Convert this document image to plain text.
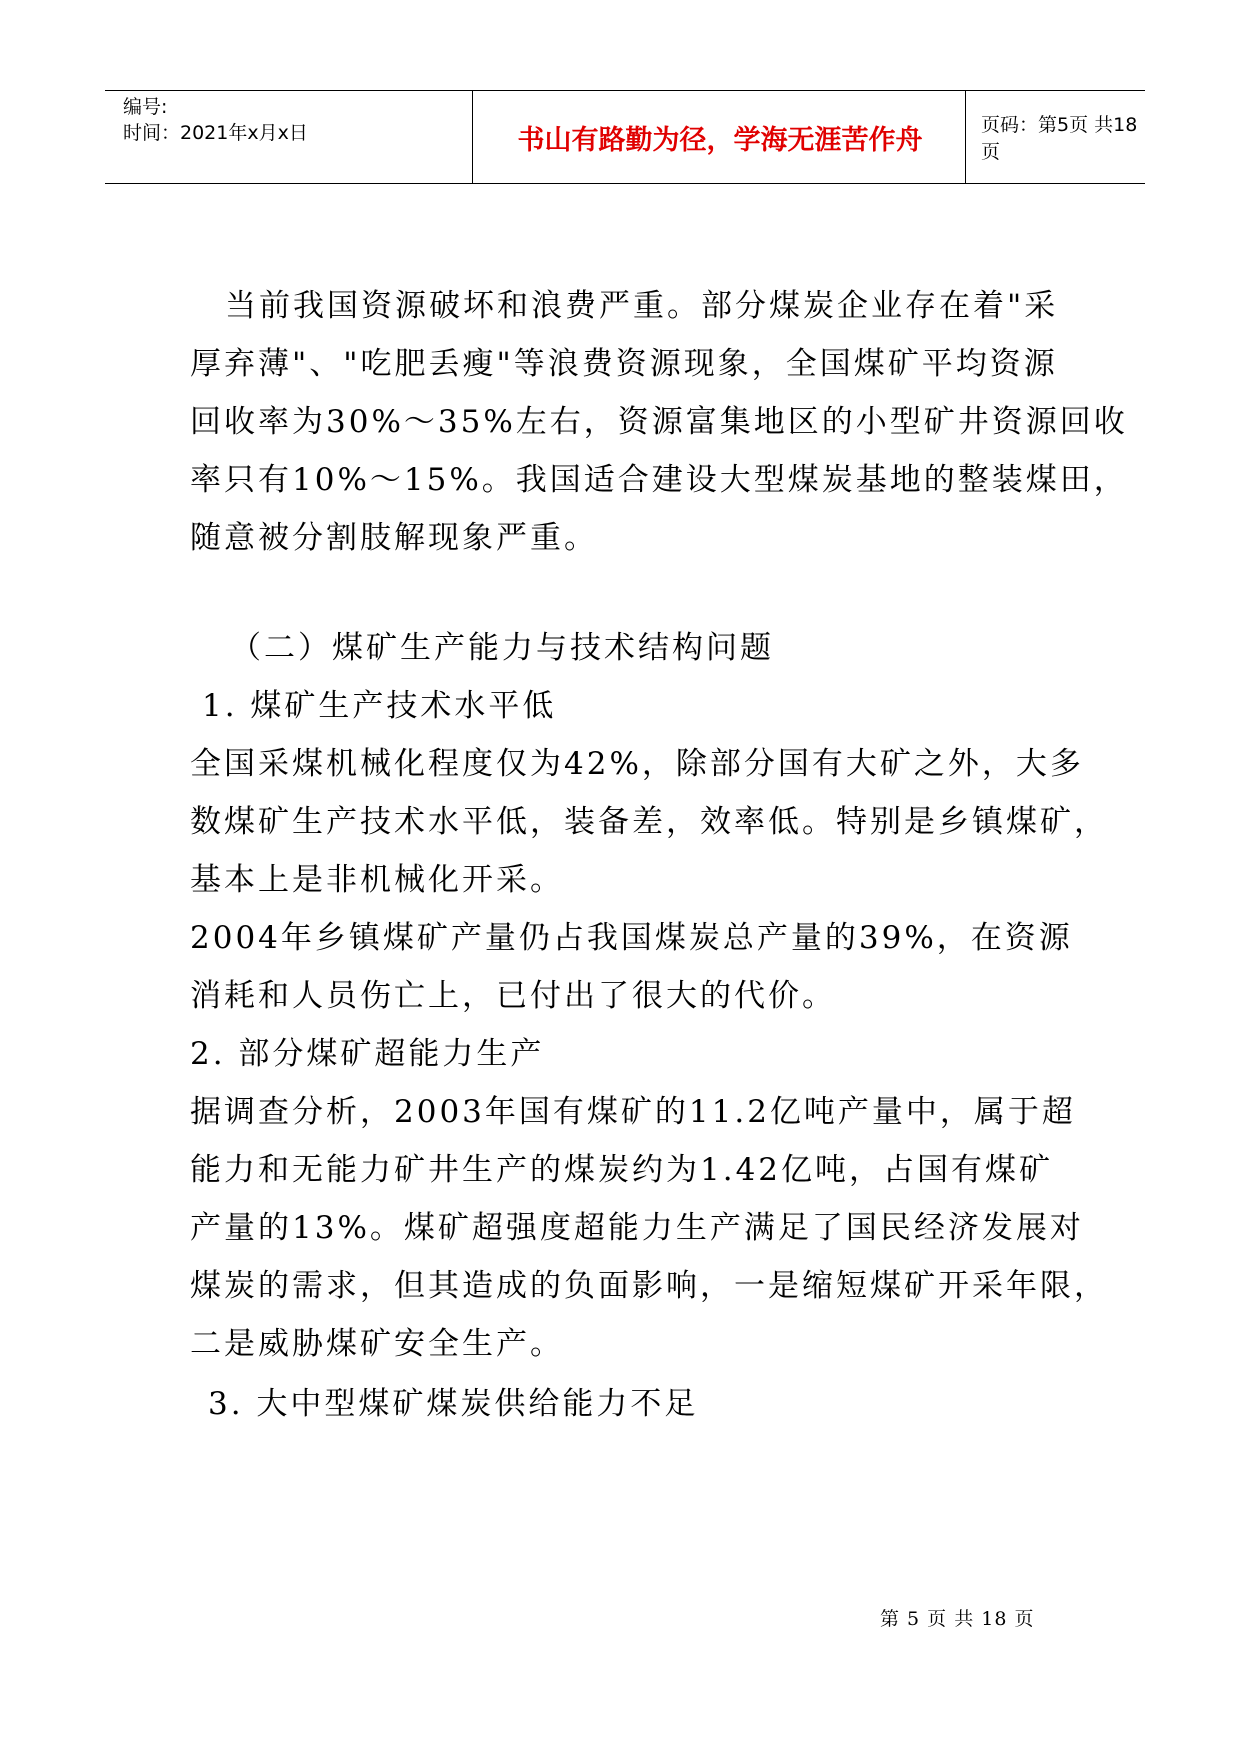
编号:
时间：2021年x月x日	书山有路勤为径，学海无涯苦作舟	页码：第5页 共18页
当前我国资源破坏和浪费严重。部分煤炭企业存在着"采
厚弃薄"、"吃肥丢瘦"等浪费资源现象，全国煤矿平均资源
回收率为30%～35%左右，资源富集地区的小型矿井资源回收
率只有10%～15%。我国适合建设大型煤炭基地的整装煤田，
随意被分割肢解现象严重。
（二）煤矿生产能力与技术结构问题
1. 煤矿生产技术水平低
全国采煤机械化程度仅为42%，除部分国有大矿之外，大多
数煤矿生产技术水平低，装备差，效率低。特别是乡镇煤矿，
基本上是非机械化开采。
2004年乡镇煤矿产量仍占我国煤炭总产量的39%，在资源
消耗和人员伤亡上，已付出了很大的代价。
2. 部分煤矿超能力生产
据调查分析，2003年国有煤矿的11.2亿吨产量中，属于超
能力和无能力矿井生产的煤炭约为1.42亿吨，占国有煤矿
产量的13%。煤矿超强度超能力生产满足了国民经济发展对
煤炭的需求，但其造成的负面影响，一是缩短煤矿开采年限，
二是威胁煤矿安全生产。
3. 大中型煤矿煤炭供给能力不足
第 5 页 共 18 页
